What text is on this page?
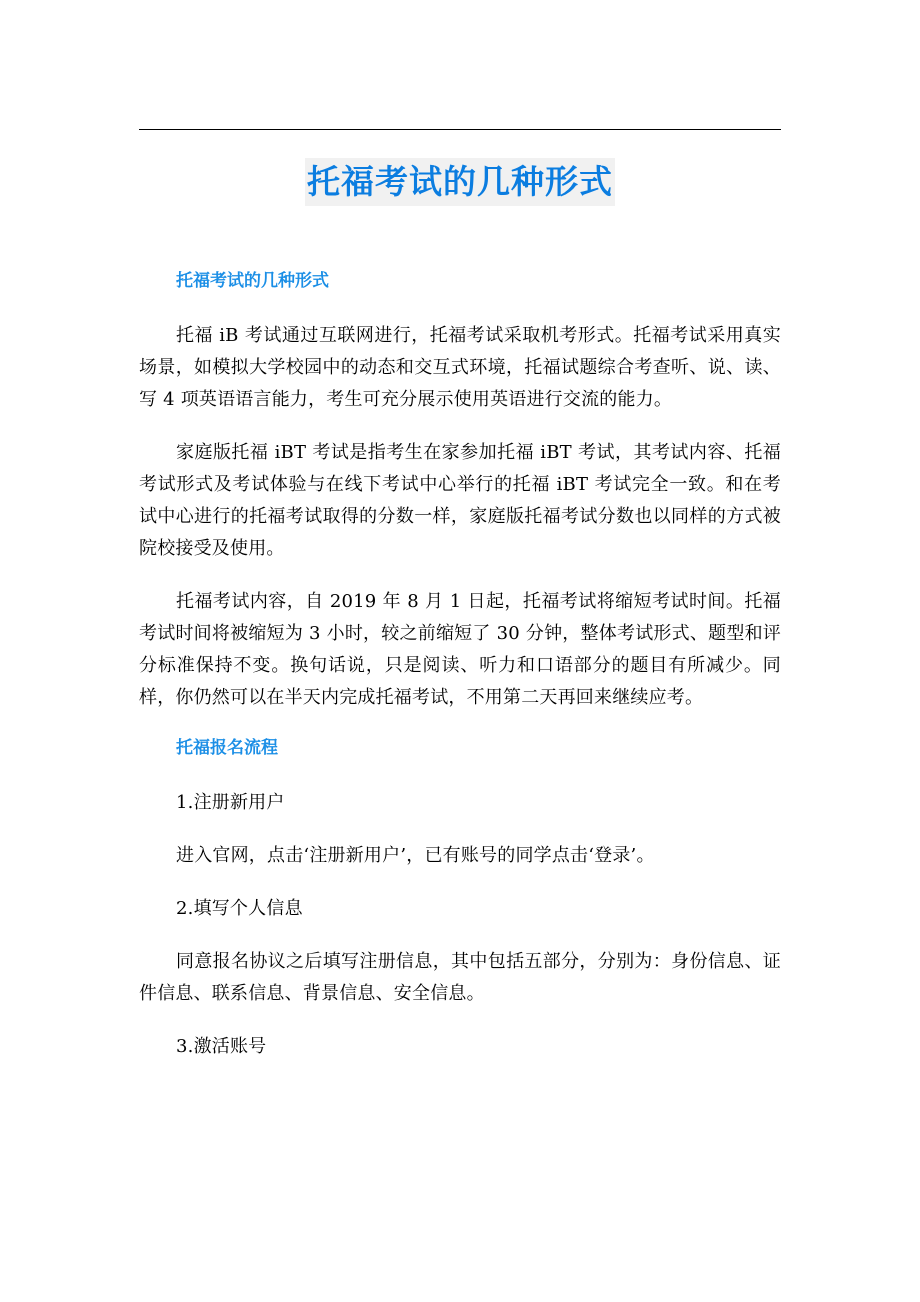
托福考试的几种形式
托福考试的几种形式

托福 iB 考试通过互联网进行，托福考试采取机考形式。托福考试采用真实场景，如模拟大学校园中的动态和交互式环境，托福试题综合考查听、说、读、写 4 项英语语言能力，考生可充分展示使用英语进行交流的能力。

家庭版托福 iBT 考试是指考生在家参加托福 iBT 考试，其考试内容、托福考试形式及考试体验与在线下考试中心举行的托福 iBT 考试完全一致。和在考试中心进行的托福考试取得的分数一样，家庭版托福考试分数也以同样的方式被院校接受及使用。

托福考试内容，自 2019 年 8 月 1 日起，托福考试将缩短考试时间。托福考试时间将被缩短为 3 小时，较之前缩短了 30 分钟，整体考试形式、题型和评分标准保持不变。换句话说，只是阅读、听力和口语部分的题目有所减少。同样，你仍然可以在半天内完成托福考试，不用第二天再回来继续应考。

托福报名流程

1.注册新用户

进入官网，点击‘注册新用户’，已有账号的同学点击‘登录’。

2.填写个人信息

同意报名协议之后填写注册信息，其中包括五部分，分别为：身份信息、证件信息、联系信息、背景信息、安全信息。

3.激活账号
